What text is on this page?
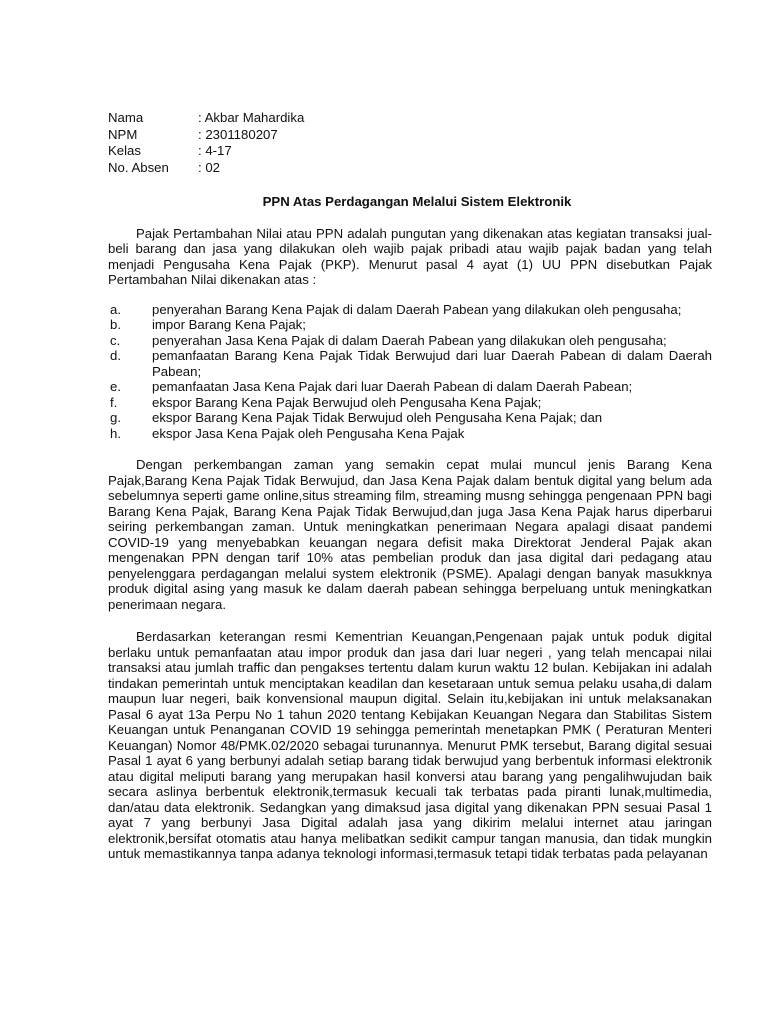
Nama	: Akbar Mahardika
NPM	: 2301180207
Kelas	: 4-17
No. Absen	: 02
PPN Atas Perdagangan Melalui Sistem Elektronik

Pajak Pertambahan Nilai atau PPN adalah pungutan yang dikenakan atas kegiatan transaksi jual-beli barang dan jasa yang dilakukan oleh wajib pajak pribadi atau wajib pajak badan yang telah menjadi Pengusaha Kena Pajak (PKP). Menurut pasal 4 ayat (1) UU PPN disebutkan Pajak Pertambahan Nilai dikenakan atas :

a.	penyerahan Barang Kena Pajak di dalam Daerah Pabean yang dilakukan oleh pengusaha;
b.	impor Barang Kena Pajak;
c.	penyerahan Jasa Kena Pajak di dalam Daerah Pabean yang dilakukan oleh pengusaha;
d.	pemanfaatan Barang Kena Pajak Tidak Berwujud dari luar Daerah Pabean di dalam Daerah Pabean;
e.	pemanfaatan Jasa Kena Pajak dari luar Daerah Pabean di dalam Daerah Pabean;
f.	ekspor Barang Kena Pajak Berwujud oleh Pengusaha Kena Pajak;
g.	ekspor Barang Kena Pajak Tidak Berwujud oleh Pengusaha Kena Pajak; dan
h.	ekspor Jasa Kena Pajak oleh Pengusaha Kena Pajak

Dengan perkembangan zaman yang semakin cepat mulai muncul jenis Barang Kena Pajak,Barang Kena Pajak Tidak Berwujud, dan Jasa Kena Pajak dalam bentuk digital yang belum ada sebelumnya seperti game online,situs streaming film, streaming musng sehingga pengenaan PPN bagi Barang Kena Pajak, Barang Kena Pajak Tidak Berwujud,dan juga Jasa Kena Pajak harus diperbarui seiring perkembangan zaman. Untuk meningkatkan penerimaan Negara apalagi disaat pandemi COVID-19 yang menyebabkan keuangan negara defisit maka Direktorat Jenderal Pajak akan mengenakan PPN dengan tarif 10% atas pembelian produk dan jasa digital dari pedagang atau penyelenggara perdagangan melalui system elektronik (PSME). Apalagi dengan banyak masukknya produk digital asing yang masuk ke dalam daerah pabean sehingga berpeluang untuk meningkatkan penerimaan negara.

Berdasarkan keterangan resmi Kementrian Keuangan,Pengenaan pajak untuk poduk digital berlaku untuk pemanfaatan atau impor produk dan jasa dari luar negeri , yang telah mencapai nilai transaksi atau jumlah traffic dan pengakses tertentu dalam kurun waktu 12 bulan. Kebijakan ini adalah tindakan pemerintah untuk menciptakan keadilan dan kesetaraan untuk semua pelaku usaha,di dalam maupun luar negeri, baik konvensional maupun digital. Selain itu,kebijakan ini untuk melaksanakan Pasal 6 ayat 13a Perpu No 1 tahun 2020 tentang Kebijakan Keuangan Negara dan Stabilitas Sistem Keuangan untuk Penanganan COVID 19 sehingga pemerintah menetapkan PMK ( Peraturan Menteri Keuangan) Nomor 48/PMK.02/2020 sebagai turunannya. Menurut PMK tersebut, Barang digital sesuai Pasal 1 ayat 6 yang berbunyi adalah setiap barang tidak berwujud yang berbentuk informasi elektronik atau digital meliputi barang yang merupakan hasil konversi atau barang yang pengalihwujudan baik secara aslinya berbentuk elektronik,termasuk kecuali tak terbatas pada piranti lunak,multimedia, dan/atau data elektronik. Sedangkan yang dimaksud jasa digital yang dikenakan PPN sesuai Pasal 1 ayat 7 yang berbunyi Jasa Digital adalah jasa yang dikirim melalui internet atau jaringan elektronik,bersifat otomatis atau hanya melibatkan sedikit campur tangan manusia, dan tidak mungkin untuk memastikannya tanpa adanya teknologi informasi,termasuk tetapi tidak terbatas pada pelayanan
